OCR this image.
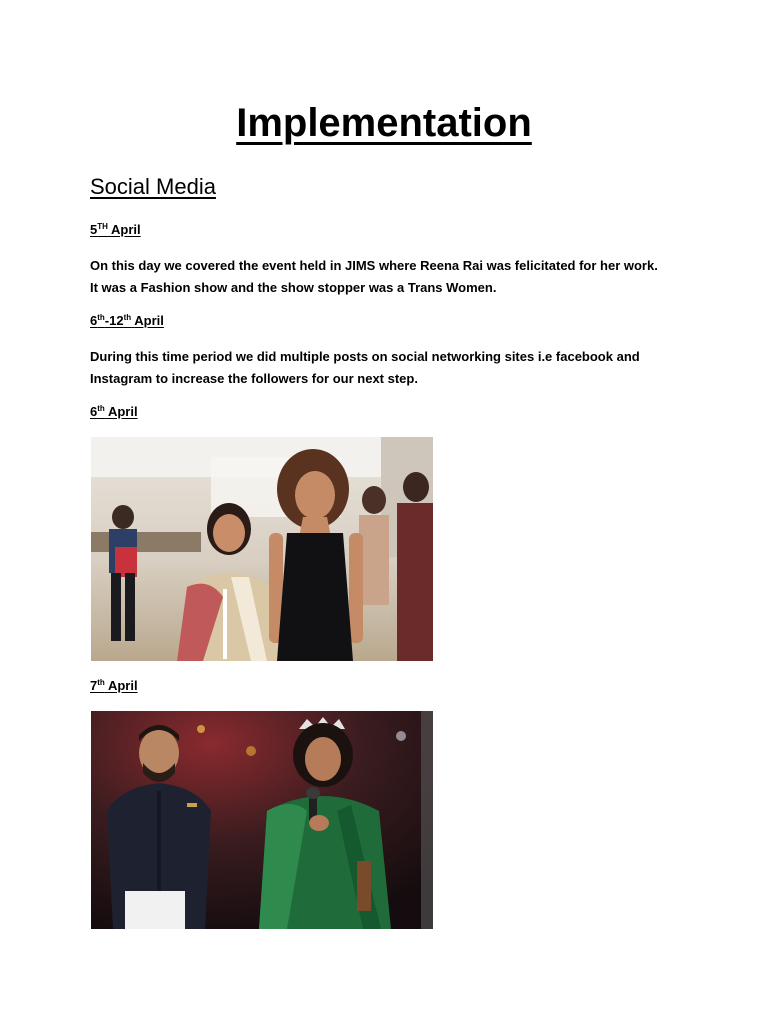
Implementation
Social Media
5TH April
On this day we covered the event held in JIMS where Reena Rai was felicitated for her work.
It was a Fashion show and the show stopper was a Trans Women.
6th-12th April
During this time period we did multiple posts on social networking sites i.e facebook and
Instagram to increase the followers for our next step.
6th April
7th April
